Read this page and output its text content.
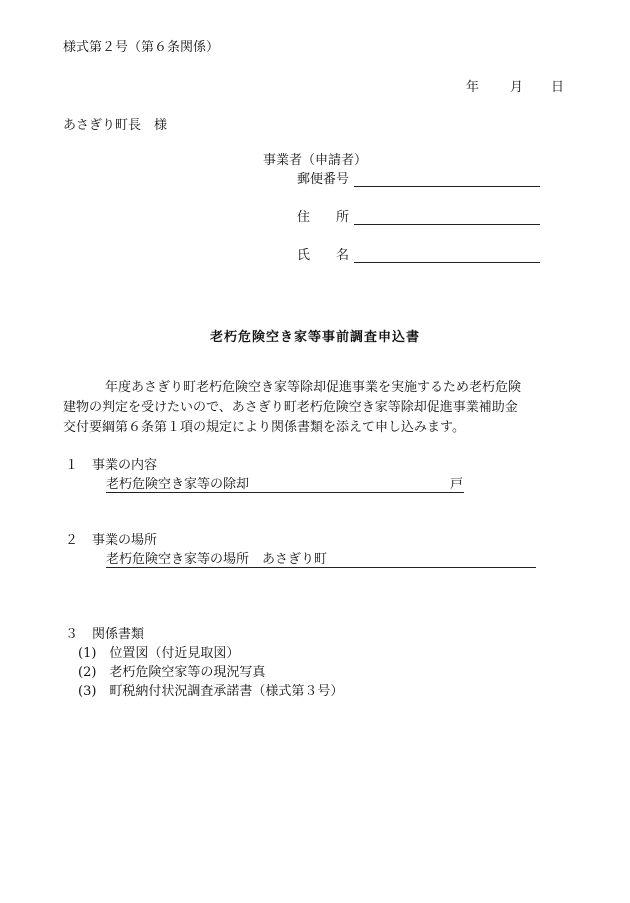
様式第２号（第６条関係）
年 月 日
あさぎり町長　様
事業者（申請者）
郵便番号
住　　所
氏　　名
老朽危険空き家等事前調査申込書
年度あさぎり町老朽危険空き家等除却促進事業を実施するため老朽危険
建物の判定を受けたいので、あさぎり町老朽危険空き家等除却促進事業補助金
交付要綱第６条第１項の規定により関係書類を添えて申し込みます。
１ 事業の内容
老朽危険空き家等の除却	戸
２ 事業の場所
老朽危険空き家等の場所　あさぎり町
３ 関係書類
(1)　位置図（付近見取図）
(2)　老朽危険空家等の現況写真
(3)　町税納付状況調査承諾書（様式第３号）
